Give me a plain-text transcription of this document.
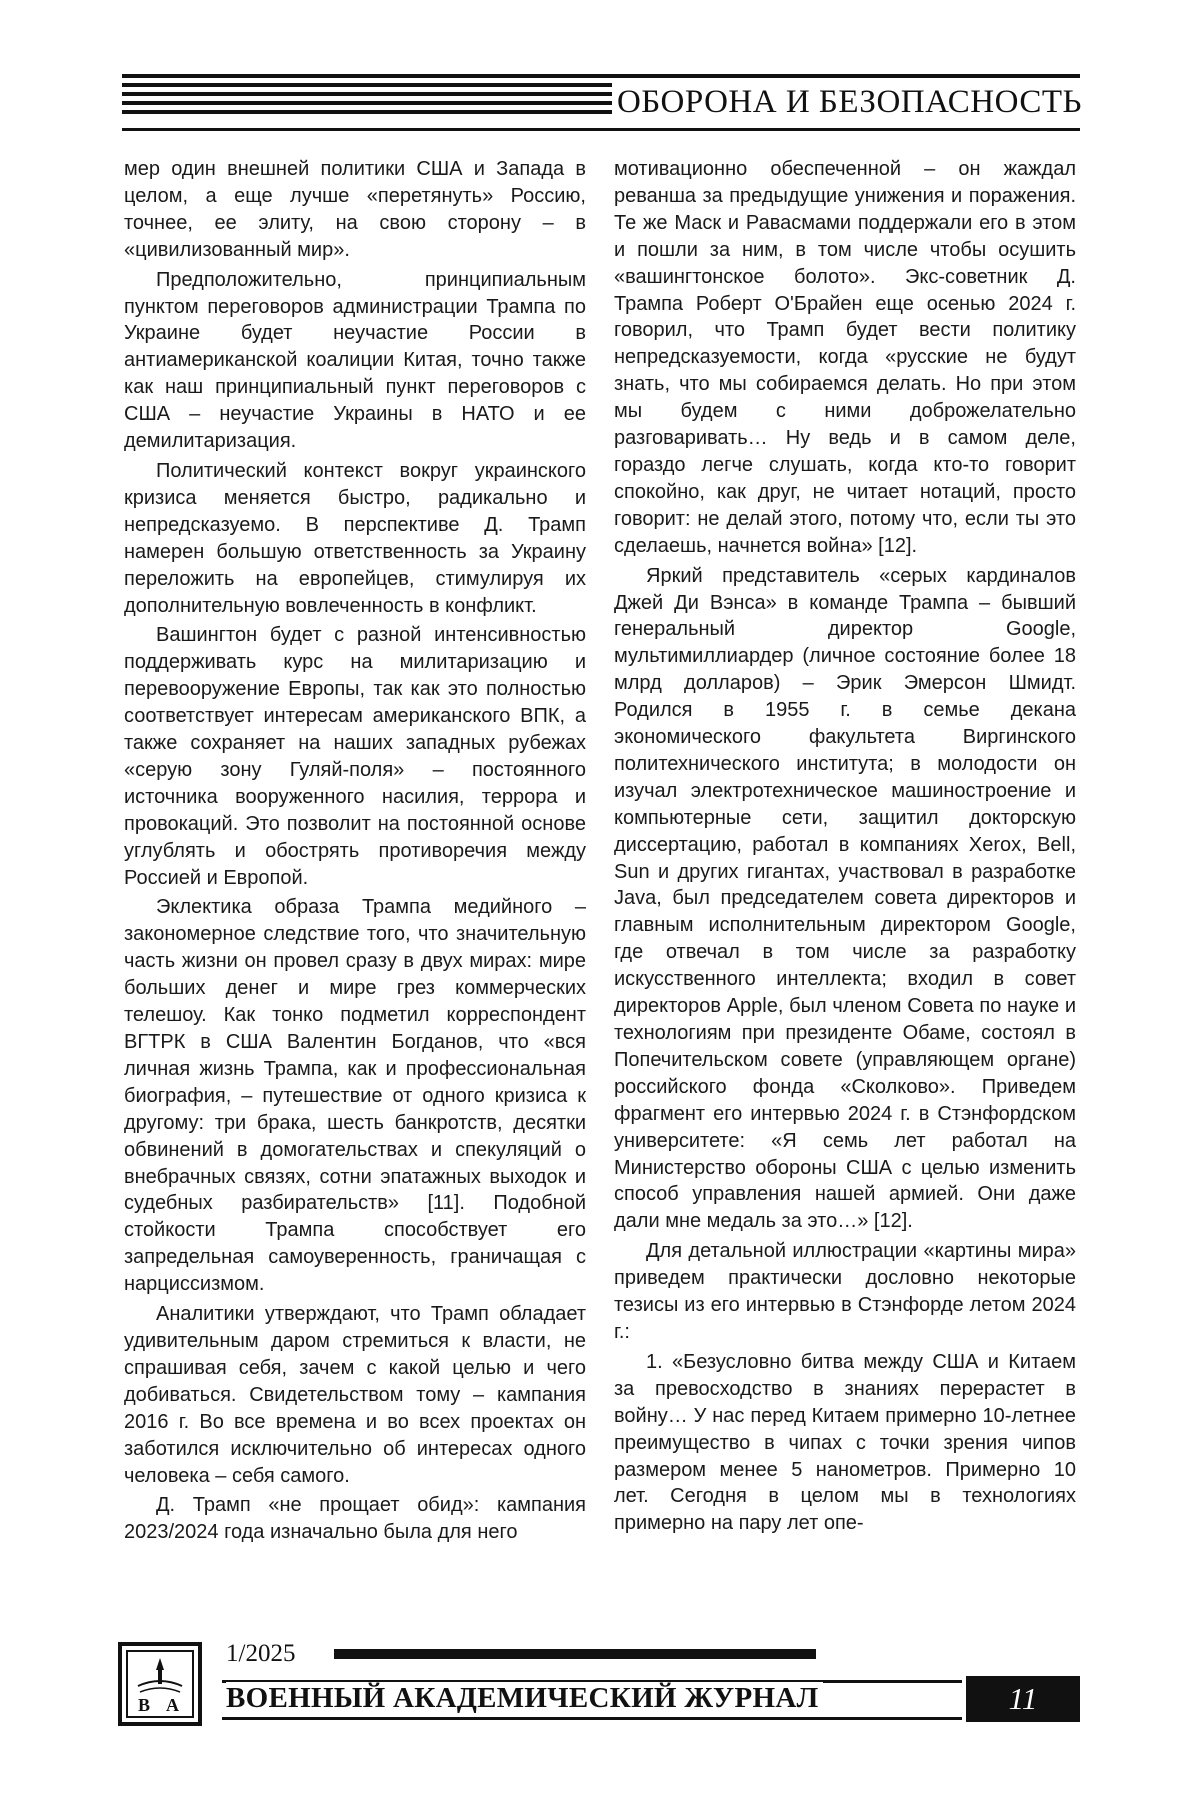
ОБОРОНА И БЕЗОПАСНОСТЬ

мер один внешней политики США и Запада в целом, а еще лучше «перетянуть» Россию, точнее, ее элиту, на свою сторону – в «цивилизованный мир».

Предположительно, принципиальным пунктом переговоров администрации Трампа по Украине будет неучастие России в антиамериканской коалиции Китая, точно также как наш принципиальный пункт переговоров с США – неучастие Украины в НАТО и ее демилитаризация.

Политический контекст вокруг украинского кризиса меняется быстро, радикально и непредсказуемо. В перспективе Д. Трамп намерен большую ответственность за Украину переложить на европейцев, стимулируя их дополнительную вовлеченность в конфликт.

Вашингтон будет с разной интенсивностью поддерживать курс на милитаризацию и перевооружение Европы, так как это полностью соответствует интересам американского ВПК, а также сохраняет на наших западных рубежах «серую зону Гуляй-поля» – постоянного источника вооруженного насилия, террора и провокаций. Это позволит на постоянной основе углублять и обострять противоречия между Россией и Европой.

Эклектика образа Трампа медийного – закономерное следствие того, что значительную часть жизни он провел сразу в двух мирах: мире больших денег и мире грез коммерческих телешоу. Как тонко подметил корреспондент ВГТРК в США Валентин Богданов, что «вся личная жизнь Трампа, как и профессиональная биография, – путешествие от одного кризиса к другому: три брака, шесть банкротств, десятки обвинений в домогательствах и спекуляций о внебрачных связях, сотни эпатажных выходок и судебных разбирательств» [11]. Подобной стойкости Трампа способствует его запредельная самоуверенность, граничащая с нарциссизмом.

Аналитики утверждают, что Трамп обладает удивительным даром стремиться к власти, не спрашивая себя, зачем с какой целью и чего добиваться. Свидетельством тому – кампания 2016 г. Во все времена и во всех проектах он заботился исключительно об интересах одного человека – себя самого.

Д. Трамп «не прощает обид»: кампания 2023/2024 года изначально была для него

мотивационно обеспеченной – он жаждал реванша за предыдущие унижения и поражения. Те же Маск и Равасмами поддержали его в этом и пошли за ним, в том числе чтобы осушить «вашингтонское болото». Экс-советник Д. Трампа Роберт О'Брайен еще осенью 2024 г. говорил, что Трамп будет вести политику непредсказуемости, когда «русские не будут знать, что мы собираемся делать. Но при этом мы будем с ними доброжелательно разговаривать… Ну ведь и в самом деле, гораздо легче слушать, когда кто-то говорит спокойно, как друг, не читает нотаций, просто говорит: не делай этого, потому что, если ты это сделаешь, начнется война» [12].

Яркий представитель «серых кардиналов Джей Ди Вэнса» в команде Трампа – бывший генеральный директор Google, мультимиллиардер (личное состояние более 18 млрд долларов) – Эрик Эмерсон Шмидт. Родился в 1955 г. в семье декана экономического факультета Виргинского политехнического института; в молодости он изучал электротехническое машиностроение и компьютерные сети, защитил докторскую диссертацию, работал в компаниях Xerox, Bell, Sun и других гигантах, участвовал в разработке Java, был председателем совета директоров и главным исполнительным директором Google, где отвечал в том числе за разработку искусственного интеллекта; входил в совет директоров Apple, был членом Совета по науке и технологиям при президенте Обаме, состоял в Попечительском совете (управляющем органе) российского фонда «Сколково». Приведем фрагмент его интервью 2024 г. в Стэнфордском университете: «Я семь лет работал на Министерство обороны США с целью изменить способ управления нашей армией. Они даже дали мне медаль за это…» [12].

Для детальной иллюстрации «картины мира» приведем практически дословно некоторые тезисы из его интервью в Стэнфорде летом 2024 г.:

1. «Безусловно битва между США и Китаем за превосходство в знаниях перерастет в войну… У нас перед Китаем примерно 10-летнее преимущество в чипах с точки зрения чипов размером менее 5 нанометров. Примерно 10 лет. Сегодня в целом мы в технологиях примерно на пару лет опе-

В А
1/2025
ВОЕННЫЙ АКАДЕМИЧЕСКИЙ ЖУРНАЛ	11
